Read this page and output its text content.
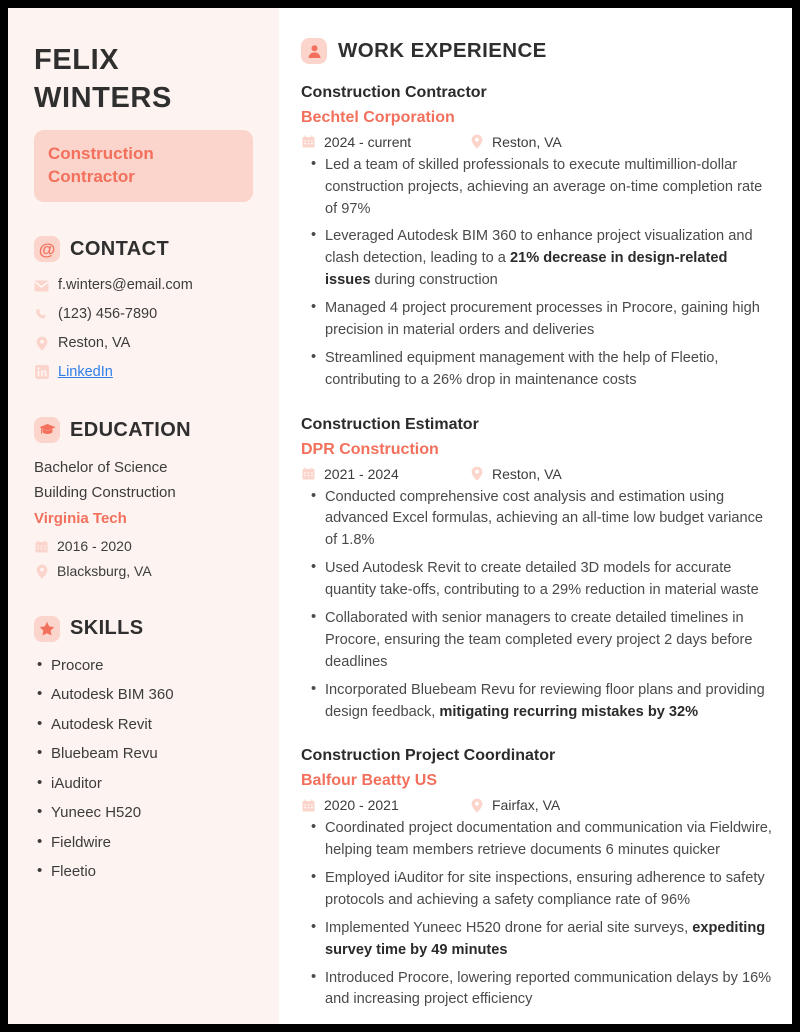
FELIX
WINTERS
Construction
Contractor
@ CONTACT
f.winters@email.com
(123) 456-7890
Reston, VA
LinkedIn
EDUCATION
Bachelor of Science
Building Construction
Virginia Tech
2016 - 2020
Blacksburg, VA
SKILLS
• Procore
• Autodesk BIM 360
• Autodesk Revit
• Bluebeam Revu
• iAuditor
• Yuneec H520
• Fieldwire
• Fleetio
WORK EXPERIENCE
Construction Contractor
Bechtel Corporation
2024 - current	Reston, VA
• Led a team of skilled professionals to execute multimillion-dollar construction projects, achieving an average on-time completion rate of 97%
• Leveraged Autodesk BIM 360 to enhance project visualization and clash detection, leading to a 21% decrease in design-related issues during construction
• Managed 4 project procurement processes in Procore, gaining high precision in material orders and deliveries
• Streamlined equipment management with the help of Fleetio, contributing to a 26% drop in maintenance costs
Construction Estimator
DPR Construction
2021 - 2024	Reston, VA
• Conducted comprehensive cost analysis and estimation using advanced Excel formulas, achieving an all-time low budget variance of 1.8%
• Used Autodesk Revit to create detailed 3D models for accurate quantity take-offs, contributing to a 29% reduction in material waste
• Collaborated with senior managers to create detailed timelines in Procore, ensuring the team completed every project 2 days before deadlines
• Incorporated Bluebeam Revu for reviewing floor plans and providing design feedback, mitigating recurring mistakes by 32%
Construction Project Coordinator
Balfour Beatty US
2020 - 2021	Fairfax, VA
• Coordinated project documentation and communication via Fieldwire, helping team members retrieve documents 6 minutes quicker
• Employed iAuditor for site inspections, ensuring adherence to safety protocols and achieving a safety compliance rate of 96%
• Implemented Yuneec H520 drone for aerial site surveys, expediting survey time by 49 minutes
• Introduced Procore, lowering reported communication delays by 16% and increasing project efficiency
